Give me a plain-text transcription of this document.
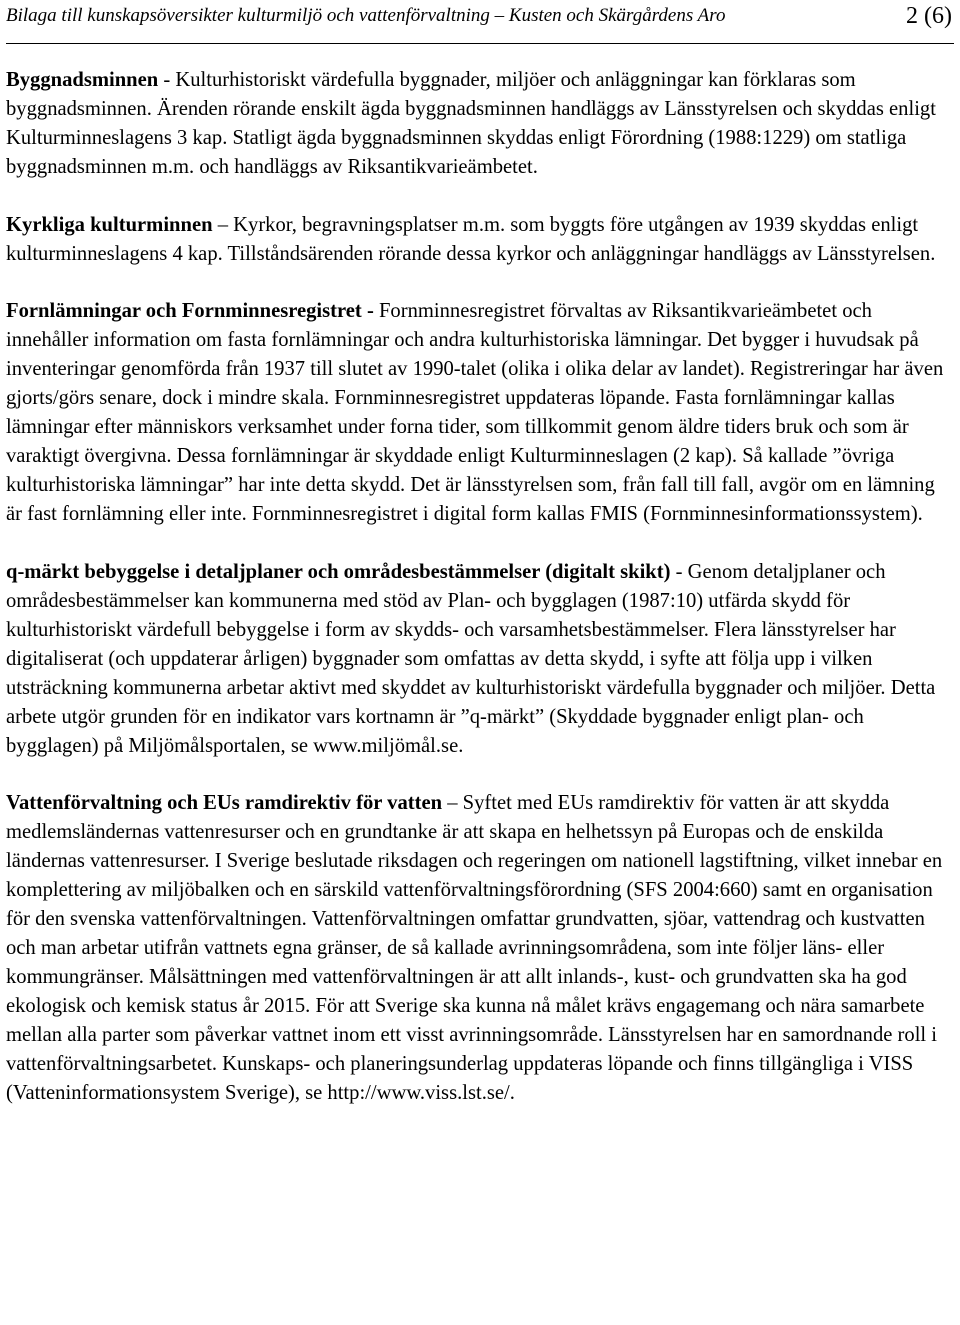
Bilaga till kunskapsöversikter kulturmiljö och vattenförvaltning – Kusten och Skärgårdens Aro	2 (6)

Byggnadsminnen - Kulturhistoriskt värdefulla byggnader, miljöer och anläggningar kan förklaras som byggnadsminnen. Ärenden rörande enskilt ägda byggnadsminnen handläggs av Länsstyrelsen och skyddas enligt Kulturminneslagens 3 kap. Statligt ägda byggnadsminnen skyddas enligt Förordning (1988:1229) om statliga byggnadsminnen m.m. och handläggs av Riksantikvarieämbetet.

Kyrkliga kulturminnen – Kyrkor, begravningsplatser m.m. som byggts före utgången av 1939 skyddas enligt kulturminneslagens 4 kap. Tillståndsärenden rörande dessa kyrkor och anläggningar handläggs av Länsstyrelsen.

Fornlämningar och Fornminnesregistret - Fornminnesregistret förvaltas av Riksantikvarieämbetet och innehåller information om fasta fornlämningar och andra kulturhistoriska lämningar. Det bygger i huvudsak på inventeringar genomförda från 1937 till slutet av 1990-talet (olika i olika delar av landet). Registreringar har även gjorts/görs senare, dock i mindre skala. Fornminnesregistret uppdateras löpande. Fasta fornlämningar kallas lämningar efter människors verksamhet under forna tider, som tillkommit genom äldre tiders bruk och som är varaktigt övergivna. Dessa fornlämningar är skyddade enligt Kulturminneslagen (2 kap). Så kallade ”övriga kulturhistoriska lämningar” har inte detta skydd. Det är länsstyrelsen som, från fall till fall, avgör om en lämning är fast fornlämning eller inte. Fornminnesregistret i digital form kallas FMIS (Fornminnesinformationssystem).

q-märkt bebyggelse i detaljplaner och områdesbestämmelser (digitalt skikt) - Genom detaljplaner och områdesbestämmelser kan kommunerna med stöd av Plan- och bygglagen (1987:10) utfärda skydd för kulturhistoriskt värdefull bebyggelse i form av skydds- och varsamhetsbestämmelser. Flera länsstyrelser har digitaliserat (och uppdaterar årligen) byggnader som omfattas av detta skydd, i syfte att följa upp i vilken utsträckning kommunerna arbetar aktivt med skyddet av kulturhistoriskt värdefulla byggnader och miljöer. Detta arbete utgör grunden för en indikator vars kortnamn är ”q-märkt” (Skyddade byggnader enligt plan- och bygglagen) på Miljömålsportalen, se www.miljömål.se.

Vattenförvaltning och EUs ramdirektiv för vatten – Syftet med EUs ramdirektiv för vatten är att skydda medlemsländernas vattenresurser och en grundtanke är att skapa en helhetssyn på Europas och de enskilda ländernas vattenresurser. I Sverige beslutade riksdagen och regeringen om nationell lagstiftning, vilket innebar en komplettering av miljöbalken och en särskild vattenförvaltningsförordning (SFS 2004:660) samt en organisation för den svenska vattenförvaltningen. Vattenförvaltningen omfattar grundvatten, sjöar, vattendrag och kustvatten och man arbetar utifrån vattnets egna gränser, de så kallade avrinningsområdena, som inte följer läns- eller kommungränser. Målsättningen med vattenförvaltningen är att allt inlands-, kust- och grundvatten ska ha god ekologisk och kemisk status år 2015. För att Sverige ska kunna nå målet krävs engagemang och nära samarbete mellan alla parter som påverkar vattnet inom ett visst avrinningsområde. Länsstyrelsen har en samordnande roll i vattenförvaltningsarbetet. Kunskaps- och planeringsunderlag uppdateras löpande och finns tillgängliga i VISS (Vatteninformationsystem Sverige), se http://www.viss.lst.se/.
